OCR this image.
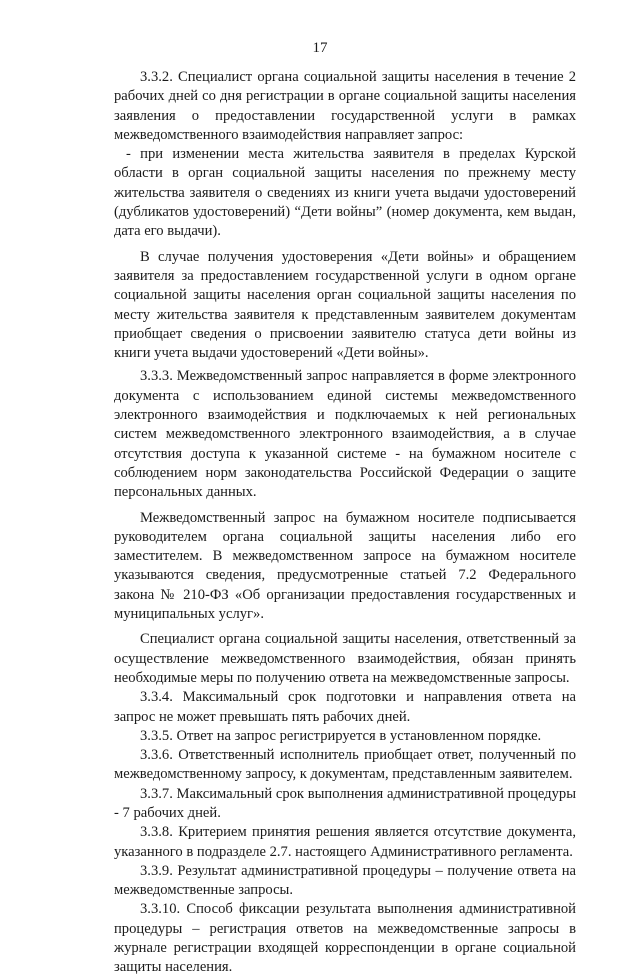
17

3.3.2. Специалист органа социальной защиты населения в течение 2 рабочих дней со дня регистрации в органе социальной защиты населения заявления о предоставлении государственной услуги в рамках межведомственного взаимодействия направляет запрос:

- при изменении места жительства заявителя в пределах Курской области в орган социальной защиты населения по прежнему месту жительства заявителя о сведениях из книги учета выдачи удостоверений (дубликатов удостоверений) “Дети войны” (номер документа, кем выдан, дата его выдачи).

В случае получения удостоверения «Дети войны» и обращением заявителя за предоставлением государственной услуги в одном органе социальной защиты населения орган социальной защиты населения по месту жительства заявителя к представленным заявителем документам приобщает сведения о присвоении заявителю статуса дети войны из книги учета выдачи удостоверений «Дети войны».

3.3.3. Межведомственный запрос направляется в форме электронного документа с использованием единой системы межведомственного электронного взаимодействия и подключаемых к ней региональных систем межведомственного электронного взаимодействия, а в случае отсутствия доступа к указанной системе - на бумажном носителе с соблюдением норм законодательства Российской Федерации о защите персональных данных.

Межведомственный запрос на бумажном носителе подписывается руководителем органа социальной защиты населения либо его заместителем. В межведомственном запросе на бумажном носителе указываются сведения, предусмотренные статьей 7.2 Федерального закона № 210-ФЗ «Об организации предоставления государственных и муниципальных услуг».

Специалист органа социальной защиты населения, ответственный за осуществление межведомственного взаимодействия, обязан принять необходимые меры по получению ответа на межведомственные запросы.

3.3.4. Максимальный срок подготовки и направления ответа на запрос не может превышать пять рабочих дней.

3.3.5. Ответ на запрос регистрируется в установленном порядке.

3.3.6. Ответственный исполнитель приобщает ответ, полученный по межведомственному запросу, к документам, представленным заявителем.

3.3.7. Максимальный срок выполнения административной процедуры - 7 рабочих дней.

3.3.8. Критерием принятия решения является отсутствие документа, указанного в подразделе 2.7. настоящего Административного регламента.

3.3.9. Результат административной процедуры – получение ответа на межведомственные запросы.

3.3.10. Способ фиксации результата выполнения административной процедуры – регистрация ответов на межведомственные запросы в журнале регистрации входящей корреспонденции в органе социальной защиты населения.
